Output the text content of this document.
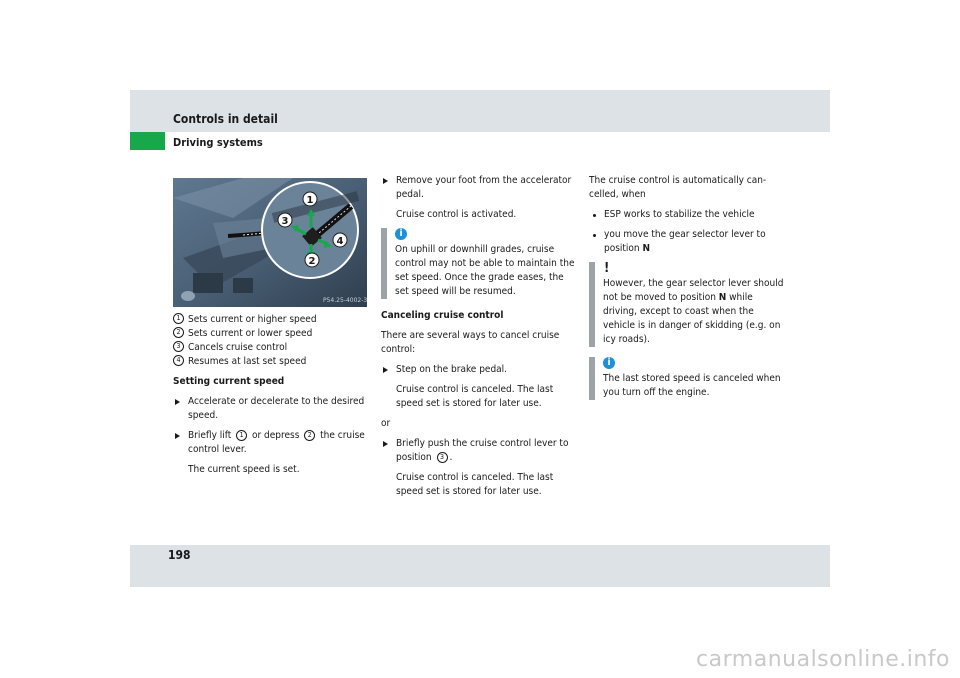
Controls in detail
Driving systems
1
3
4
2
P54.25-4002-31
1 Sets current or higher speed
2 Sets current or lower speed
3 Cancels cruise control
4 Resumes at last set speed
Setting current speed
Accelerate or decelerate to the desired speed.
Briefly lift 1 or depress 2 the cruise control lever.
The current speed is set.
Remove your foot from the accelerator pedal.
Cruise control is activated.
i
On uphill or downhill grades, cruise control may not be able to maintain the set speed. Once the grade eases, the set speed will be resumed.
Canceling cruise control

There are several ways to cancel cruise control:

Step on the brake pedal.
Cruise control is canceled. The last speed set is stored for later use.

or

Briefly push the cruise control lever to position 3 .
Cruise control is canceled. The last speed set is stored for later use.

The cruise control is automatically can-celled, when

ESP works to stabilize the vehicle
you move the gear selector lever to position N
!
However, the gear selector lever should not be moved to position N while driving, except to coast when the vehicle is in danger of skidding (e.g. on icy roads).
i
The last stored speed is canceled when you turn off the engine.
198
carmanualsonline.info
